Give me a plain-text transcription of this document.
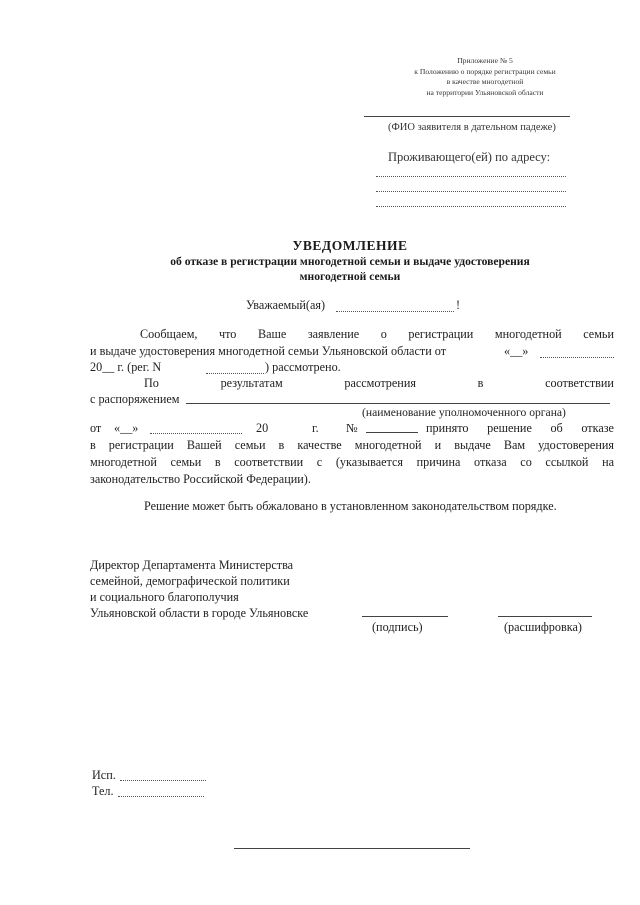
Приложение № 5
к Положению о порядке регистрации семьи
в качестве многодетной
на территории Ульяновской области
(ФИО заявителя в дательном падеже)
Проживающего(ей) по адресу:
УВЕДОМЛЕНИЕ
об отказе в регистрации многодетной семьи и выдаче удостоверения
многодетной семьи
Уважаемый(ая)	!
Сообщаем, что Ваше заявление о регистрации многодетной семьи
и выдаче удостоверения многодетной семьи Ульяновской области от	«__»
20__ г. (рег. N	) рассмотрено.
По	результатам	рассмотрения	в	соответствии
с распоряжением
(наименование уполномоченного органа)
от «__»	20	г. №	принято решение об отказе
в регистрации Вашей семьи в качестве многодетной и выдаче Вам удостоверения
многодетной семьи в соответствии с (указывается причина отказа со ссылкой на
законодательство Российской Федерации).
Решение может быть обжаловано в установленном законодательством порядке.
Директор Департамента Министерства
семейной, демографической политики
и социального благополучия
Ульяновской области в городе Ульяновске
(подпись)	(расшифровка)
Исп.
Тел.
